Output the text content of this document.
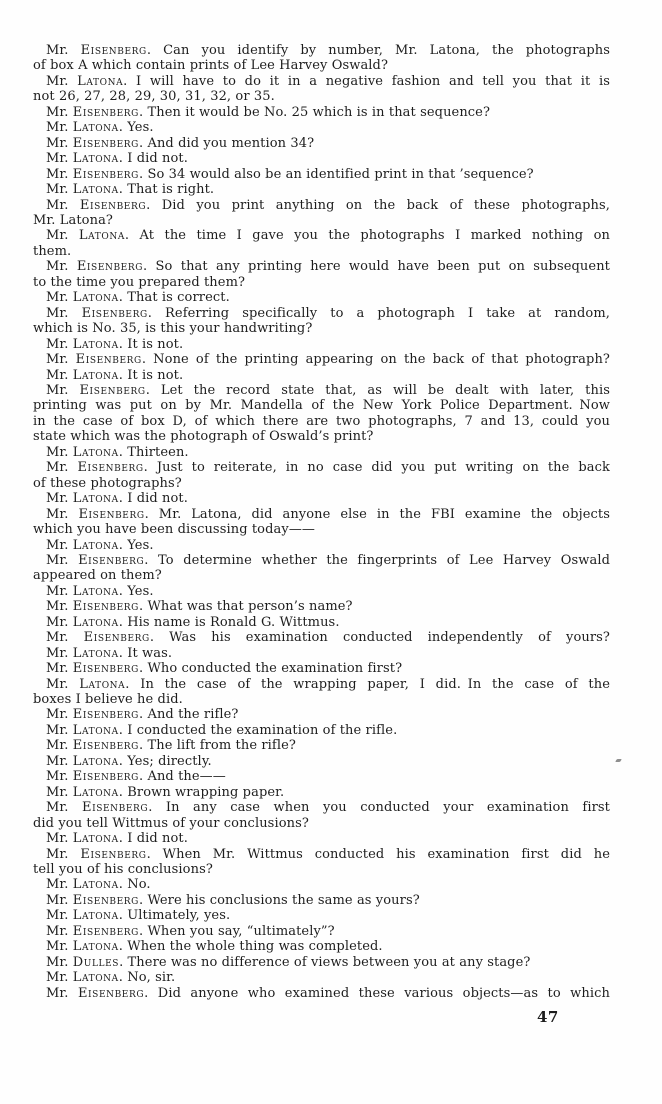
Mr. Eisenberg. Can you identify by number, Mr. Latona, the photographs
of box A which contain prints of Lee Harvey Oswald?
Mr. Latona. I will have to do it in a negative fashion and tell you that it is
not 26, 27, 28, 29, 30, 31, 32, or 35.
Mr. Eisenberg. Then it would be No. 25 which is in that sequence?
Mr. Latona. Yes.
Mr. Eisenberg. And did you mention 34?
Mr. Latona. I did not.
Mr. Eisenberg. So 34 would also be an identified print in that ’sequence?
Mr. Latona. That is right.
Mr. Eisenberg. Did you print anything on the back of these photographs,
Mr. Latona?
Mr. Latona. At the time I gave you the photographs I marked nothing on
them.
Mr. Eisenberg. So that any printing here would have been put on subsequent
to the time you prepared them?
Mr. Latona. That is correct.
Mr. Eisenberg. Referring specifically to a photograph I take at random,
which is No. 35, is this your handwriting?
Mr. Latona. It is not.
Mr. Eisenberg. None of the printing appearing on the back of that photograph?
Mr. Latona. It is not.
Mr. Eisenberg. Let the record state that, as will be dealt with later, this
printing was put on by Mr. Mandella of the New York Police Department. Now
in the case of box D, of which there are two photographs, 7 and 13, could you
state which was the photograph of Oswald’s print?
Mr. Latona. Thirteen.
Mr. Eisenberg. Just to reiterate, in no case did you put writing on the back
of these photographs?
Mr. Latona. I did not.
Mr. Eisenberg. Mr. Latona, did anyone else in the FBI examine the objects
which you have been discussing today——
Mr. Latona. Yes.
Mr. Eisenberg. To determine whether the fingerprints of Lee Harvey Oswald
appeared on them?
Mr. Latona. Yes.
Mr. Eisenberg. What was that person’s name?
Mr. Latona. His name is Ronald G. Wittmus.
Mr. Eisenberg. Was his examination conducted independently of yours?
Mr. Latona. It was.
Mr. Eisenberg. Who conducted the examination first?
Mr. Latona. In the case of the wrapping paper, I did. In the case of the
boxes I believe he did.
Mr. Eisenberg. And the rifle?
Mr. Latona. I conducted the examination of the rifle.
Mr. Eisenberg. The lift from the rifle?
Mr. Latona. Yes; directly.
Mr. Eisenberg. And the——
Mr. Latona. Brown wrapping paper.
Mr. Eisenberg. In any case when you conducted your examination first
did you tell Wittmus of your conclusions?
Mr. Latona. I did not.
Mr. Eisenberg. When Mr. Wittmus conducted his examination first did he
tell you of his conclusions?
Mr. Latona. No.
Mr. Eisenberg. Were his conclusions the same as yours?
Mr. Latona. Ultimately, yes.
Mr. Eisenberg. When you say, “ultimately”?
Mr. Latona. When the whole thing was completed.
Mr. Dulles. There was no difference of views between you at any stage?
Mr. Latona. No, sir.
Mr. Eisenberg. Did anyone who examined these various objects—as to which
47
